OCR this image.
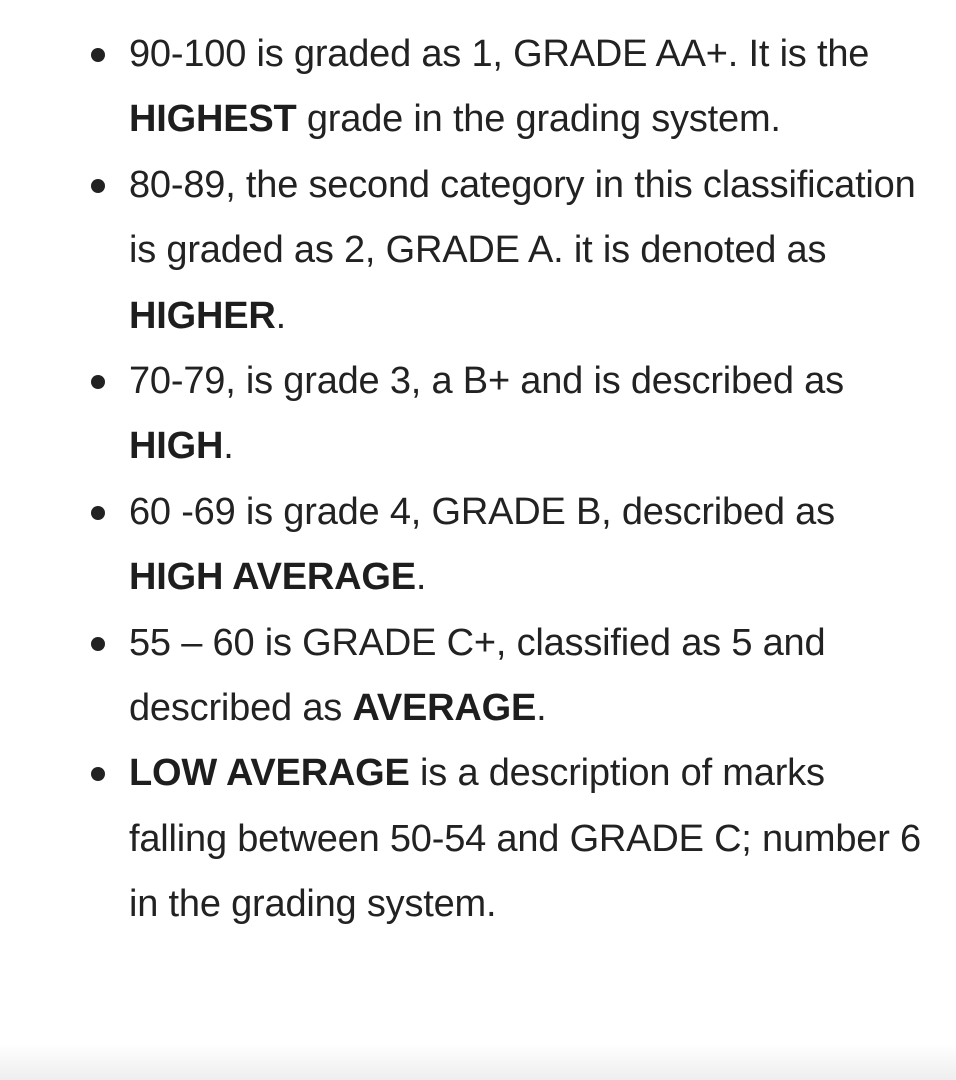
90-100 is graded as 1, GRADE AA+. It is the HIGHEST grade in the grading system.
80-89, the second category in this classification is graded as 2, GRADE A. it is denoted as HIGHER.
70-79, is grade 3, a B+ and is described as HIGH.
60 -69 is grade 4, GRADE B, described as HIGH AVERAGE.
55 – 60 is GRADE C+, classified as 5 and described as AVERAGE.
LOW AVERAGE is a description of marks falling between 50-54 and GRADE C; number 6 in the grading system.
